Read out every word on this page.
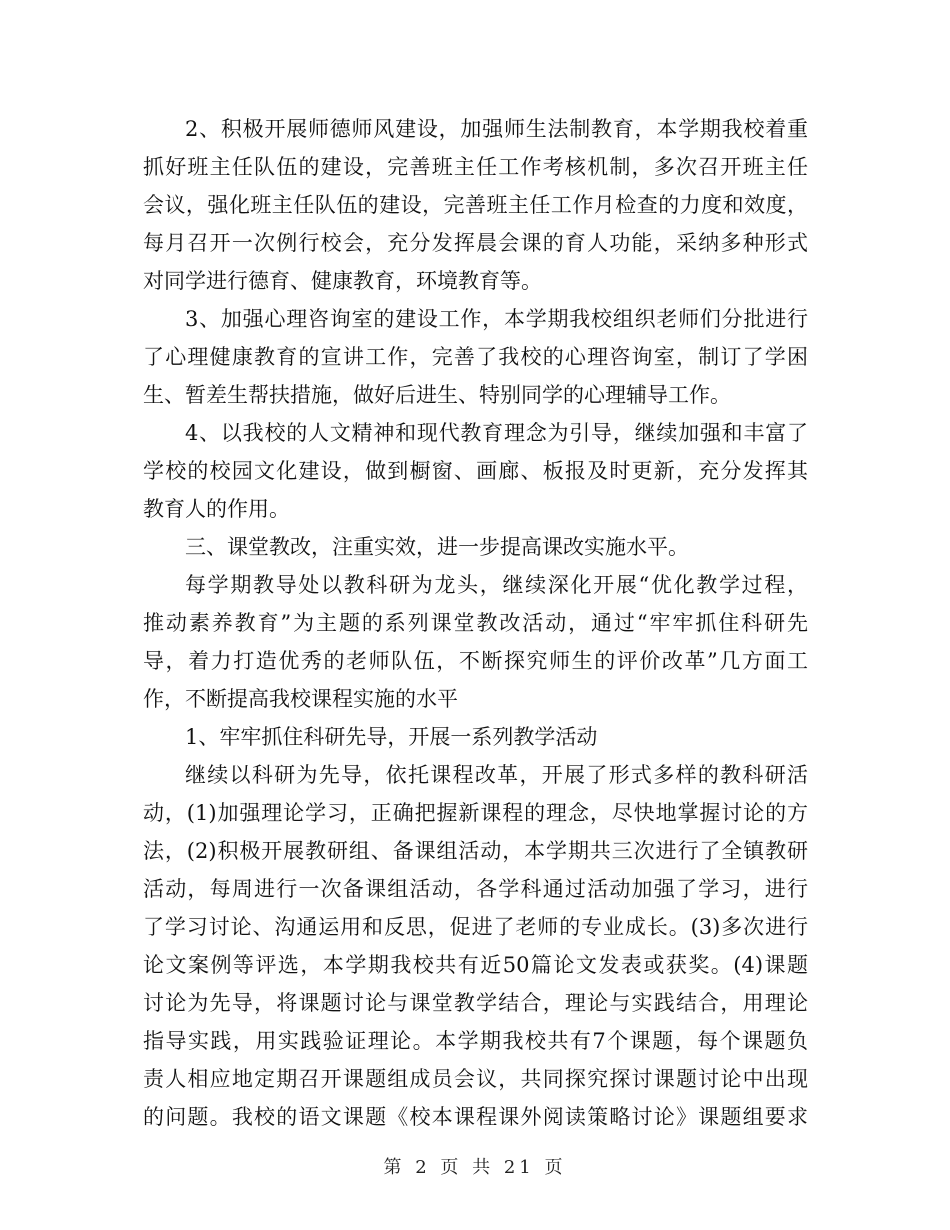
2、积极开展师德师风建设，加强师生法制教育，本学期我校着重
抓好班主任队伍的建设，完善班主任工作考核机制，多次召开班主任
会议，强化班主任队伍的建设，完善班主任工作月检查的力度和效度，
每月召开一次例行校会，充分发挥晨会课的育人功能，采纳多种形式
对同学进行德育、健康教育，环境教育等。
3、加强心理咨询室的建设工作，本学期我校组织老师们分批进行
了心理健康教育的宣讲工作，完善了我校的心理咨询室，制订了学困
生、暂差生帮扶措施，做好后进生、特别同学的心理辅导工作。
4、以我校的人文精神和现代教育理念为引导，继续加强和丰富了
学校的校园文化建设，做到橱窗、画廊、板报及时更新，充分发挥其
教育人的作用。
三、课堂教改，注重实效，进一步提高课改实施水平。
每学期教导处以教科研为龙头，继续深化开展“优化教学过程，
推动素养教育”为主题的系列课堂教改活动，通过“牢牢抓住科研先
导，着力打造优秀的老师队伍，不断探究师生的评价改革”几方面工
作，不断提高我校课程实施的水平
1、牢牢抓住科研先导，开展一系列教学活动
继续以科研为先导，依托课程改革，开展了形式多样的教科研活
动，(1)加强理论学习，正确把握新课程的理念，尽快地掌握讨论的方
法，(2)积极开展教研组、备课组活动，本学期共三次进行了全镇教研
活动，每周进行一次备课组活动，各学科通过活动加强了学习，进行
了学习讨论、沟通运用和反思，促进了老师的专业成长。(3)多次进行
论文案例等评选，本学期我校共有近50篇论文发表或获奖。(4)课题
讨论为先导，将课题讨论与课堂教学结合，理论与实践结合，用理论
指导实践，用实践验证理论。本学期我校共有7个课题，每个课题负
责人相应地定期召开课题组成员会议，共同探究探讨课题讨论中出现
的问题。我校的语文课题《校本课程课外阅读策略讨论》课题组要求
第 2 页 共 21 页
